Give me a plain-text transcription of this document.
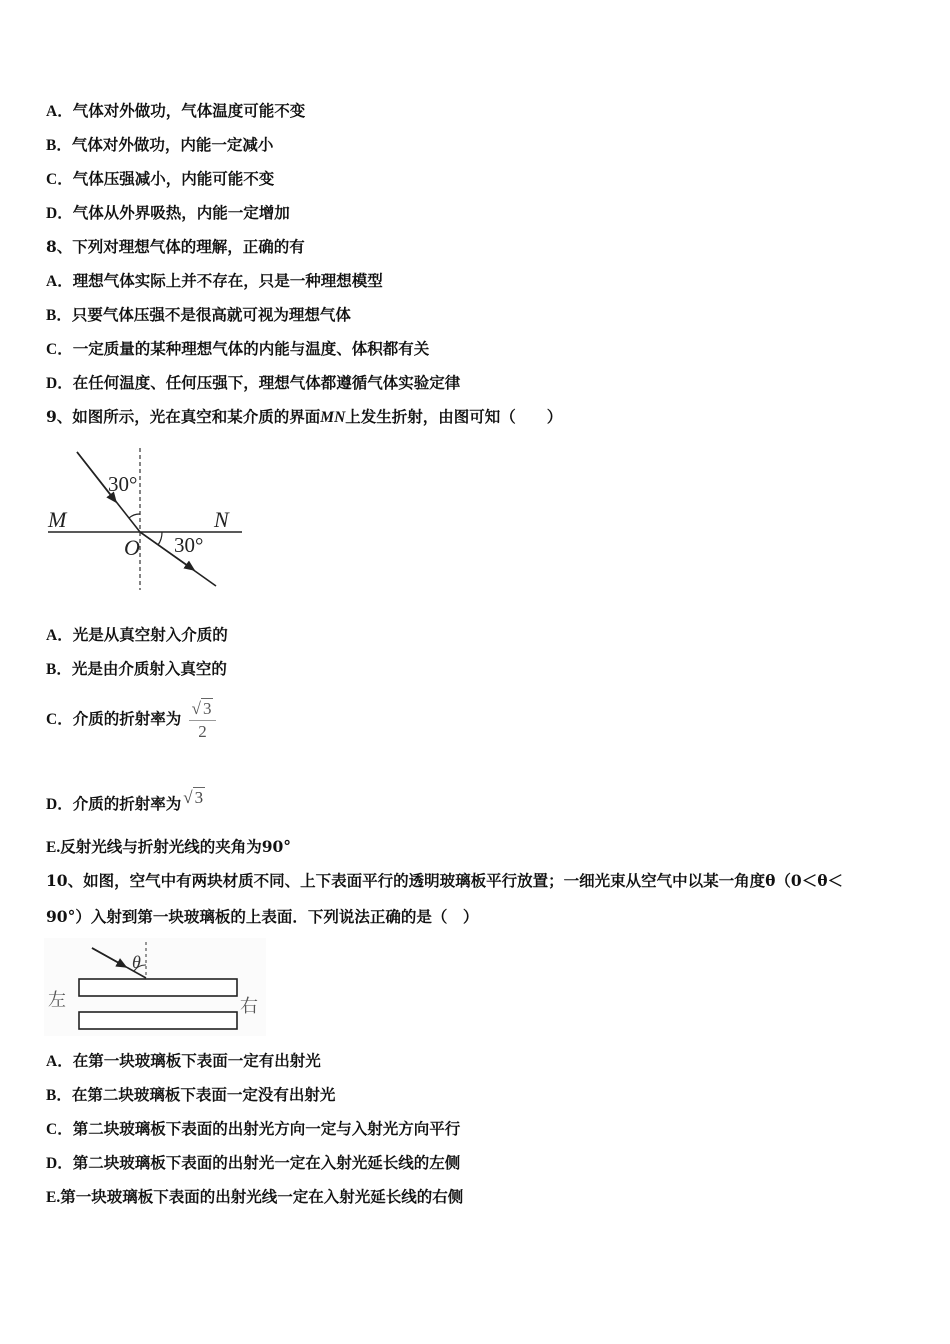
A．气体对外做功，气体温度可能不变
B．气体对外做功，内能一定减小
C．气体压强减小，内能可能不变
D．气体从外界吸热，内能一定增加
8、下列对理想气体的理解，正确的有
A．理想气体实际上并不存在，只是一种理想模型
B．只要气体压强不是很高就可视为理想气体
C．一定质量的某种理想气体的内能与温度、体积都有关
D．在任何温度、任何压强下，理想气体都遵循气体实验定律
9、如图所示，光在真空和某介质的界面MN上发生折射，由图可知（　　）
M	N
O
30°
30°
A．光是从真空射入介质的
B．光是由介质射入真空的
C．介质的折射率为 $\frac{√ 3}{2}$
D．介质的折射率为 √ 3
E.反射光线与折射光线的夹角为90°
10、如图，空气中有两块材质不同、上下表面平行的透明玻璃板平行放置；一细光束从空气中以某一角度θ（0＜θ＜
90°）入射到第一块玻璃板的上表面．下列说法正确的是（　）
θ
左	右
A．在第一块玻璃板下表面一定有出射光
B．在第二块玻璃板下表面一定没有出射光
C．第二块玻璃板下表面的出射光方向一定与入射光方向平行
D．第二块玻璃板下表面的出射光一定在入射光延长线的左侧
E.第一块玻璃板下表面的出射光线一定在入射光延长线的右侧
